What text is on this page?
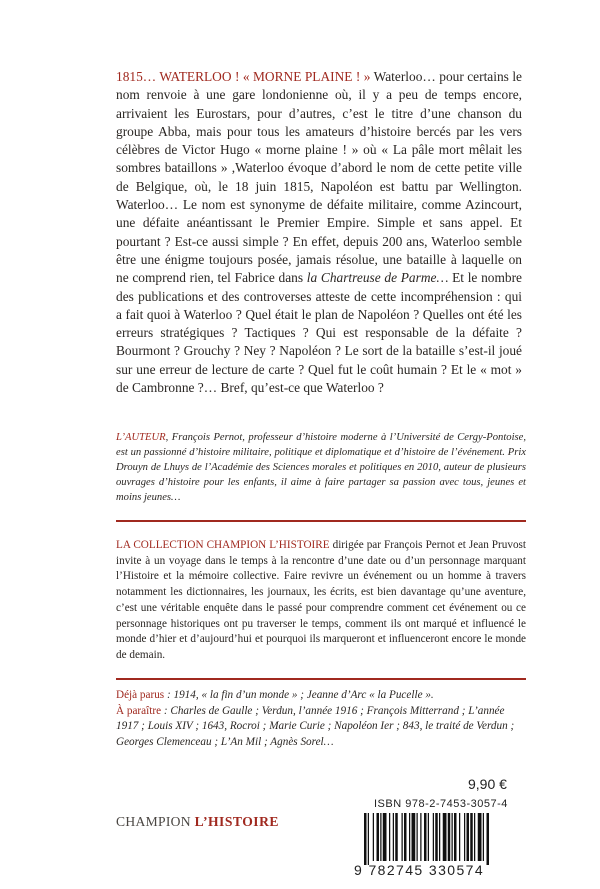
1815… WATERLOO ! « MORNE PLAINE ! » Waterloo… pour certains le nom renvoie à une gare londonienne où, il y a peu de temps encore, arrivaient les Eurostars, pour d’autres, c’est le titre d’une chanson du groupe Abba, mais pour tous les amateurs d’histoire bercés par les vers célèbres de Victor Hugo « morne plaine ! » où « La pâle mort mêlait les sombres bataillons » ,Waterloo évoque d’abord le nom de cette petite ville de Belgique, où, le 18 juin 1815, Napoléon est battu par Wellington. Waterloo… Le nom est synonyme de défaite militaire, comme Azincourt, une défaite anéantissant le Premier Empire. Simple et sans appel. Et pourtant ? Est-ce aussi simple ? En effet, depuis 200 ans, Waterloo semble être une énigme toujours posée, jamais résolue, une bataille à laquelle on ne comprend rien, tel Fabrice dans la Chartreuse de Parme… Et le nombre des publications et des controverses atteste de cette incompréhension : qui a fait quoi à Waterloo ? Quel était le plan de Napoléon ? Quelles ont été les erreurs stratégiques ? Tactiques ? Qui est responsable de la défaite ? Bourmont ? Grouchy ? Ney ? Napoléon ? Le sort de la bataille s’est-il joué sur une erreur de lecture de carte ? Quel fut le coût humain ? Et le « mot » de Cambronne ?… Bref, qu’est-ce que Waterloo ?
L’AUTEUR, François Pernot, professeur d’histoire moderne à l’Université de Cergy-Pontoise, est un passionné d’histoire militaire, politique et diplomatique et d’histoire de l’événement. Prix Drouyn de Lhuys de l’Académie des Sciences morales et politiques en 2010, auteur de plusieurs ouvrages d’histoire pour les enfants, il aime à faire partager sa passion avec tous, jeunes et moins jeunes…
LA COLLECTION CHAMPION L’HISTOIRE dirigée par François Pernot et Jean Pruvost invite à un voyage dans le temps à la rencontre d’une date ou d’un personnage marquant l’Histoire et la mémoire collective. Faire revivre un événement ou un homme à travers notamment les dictionnaires, les journaux, les écrits, est bien davantage qu’une aventure, c’est une véritable enquête dans le passé pour comprendre comment cet événement ou ce personnage historiques ont pu traverser le temps, comment ils ont marqué et influencé le monde d’hier et d’aujourd’hui et pourquoi ils marqueront et influenceront encore le monde de demain.
Déjà parus : 1914, « la fin d’un monde » ; Jeanne d’Arc « la Pucelle ».
À paraître : Charles de Gaulle ; Verdun, l’année 1916 ; François Mitterrand ; L’année 1917 ; Louis XIV ; 1643, Rocroi ; Marie Curie ; Napoléon Ier ; 843, le traité de Verdun ; Georges Clemenceau ; L’An Mil ; Agnès Sorel…
9,90 €
CHAMPION L’HISTOIRE
ISBN 978-2-7453-3057-4
9 782745 330574
